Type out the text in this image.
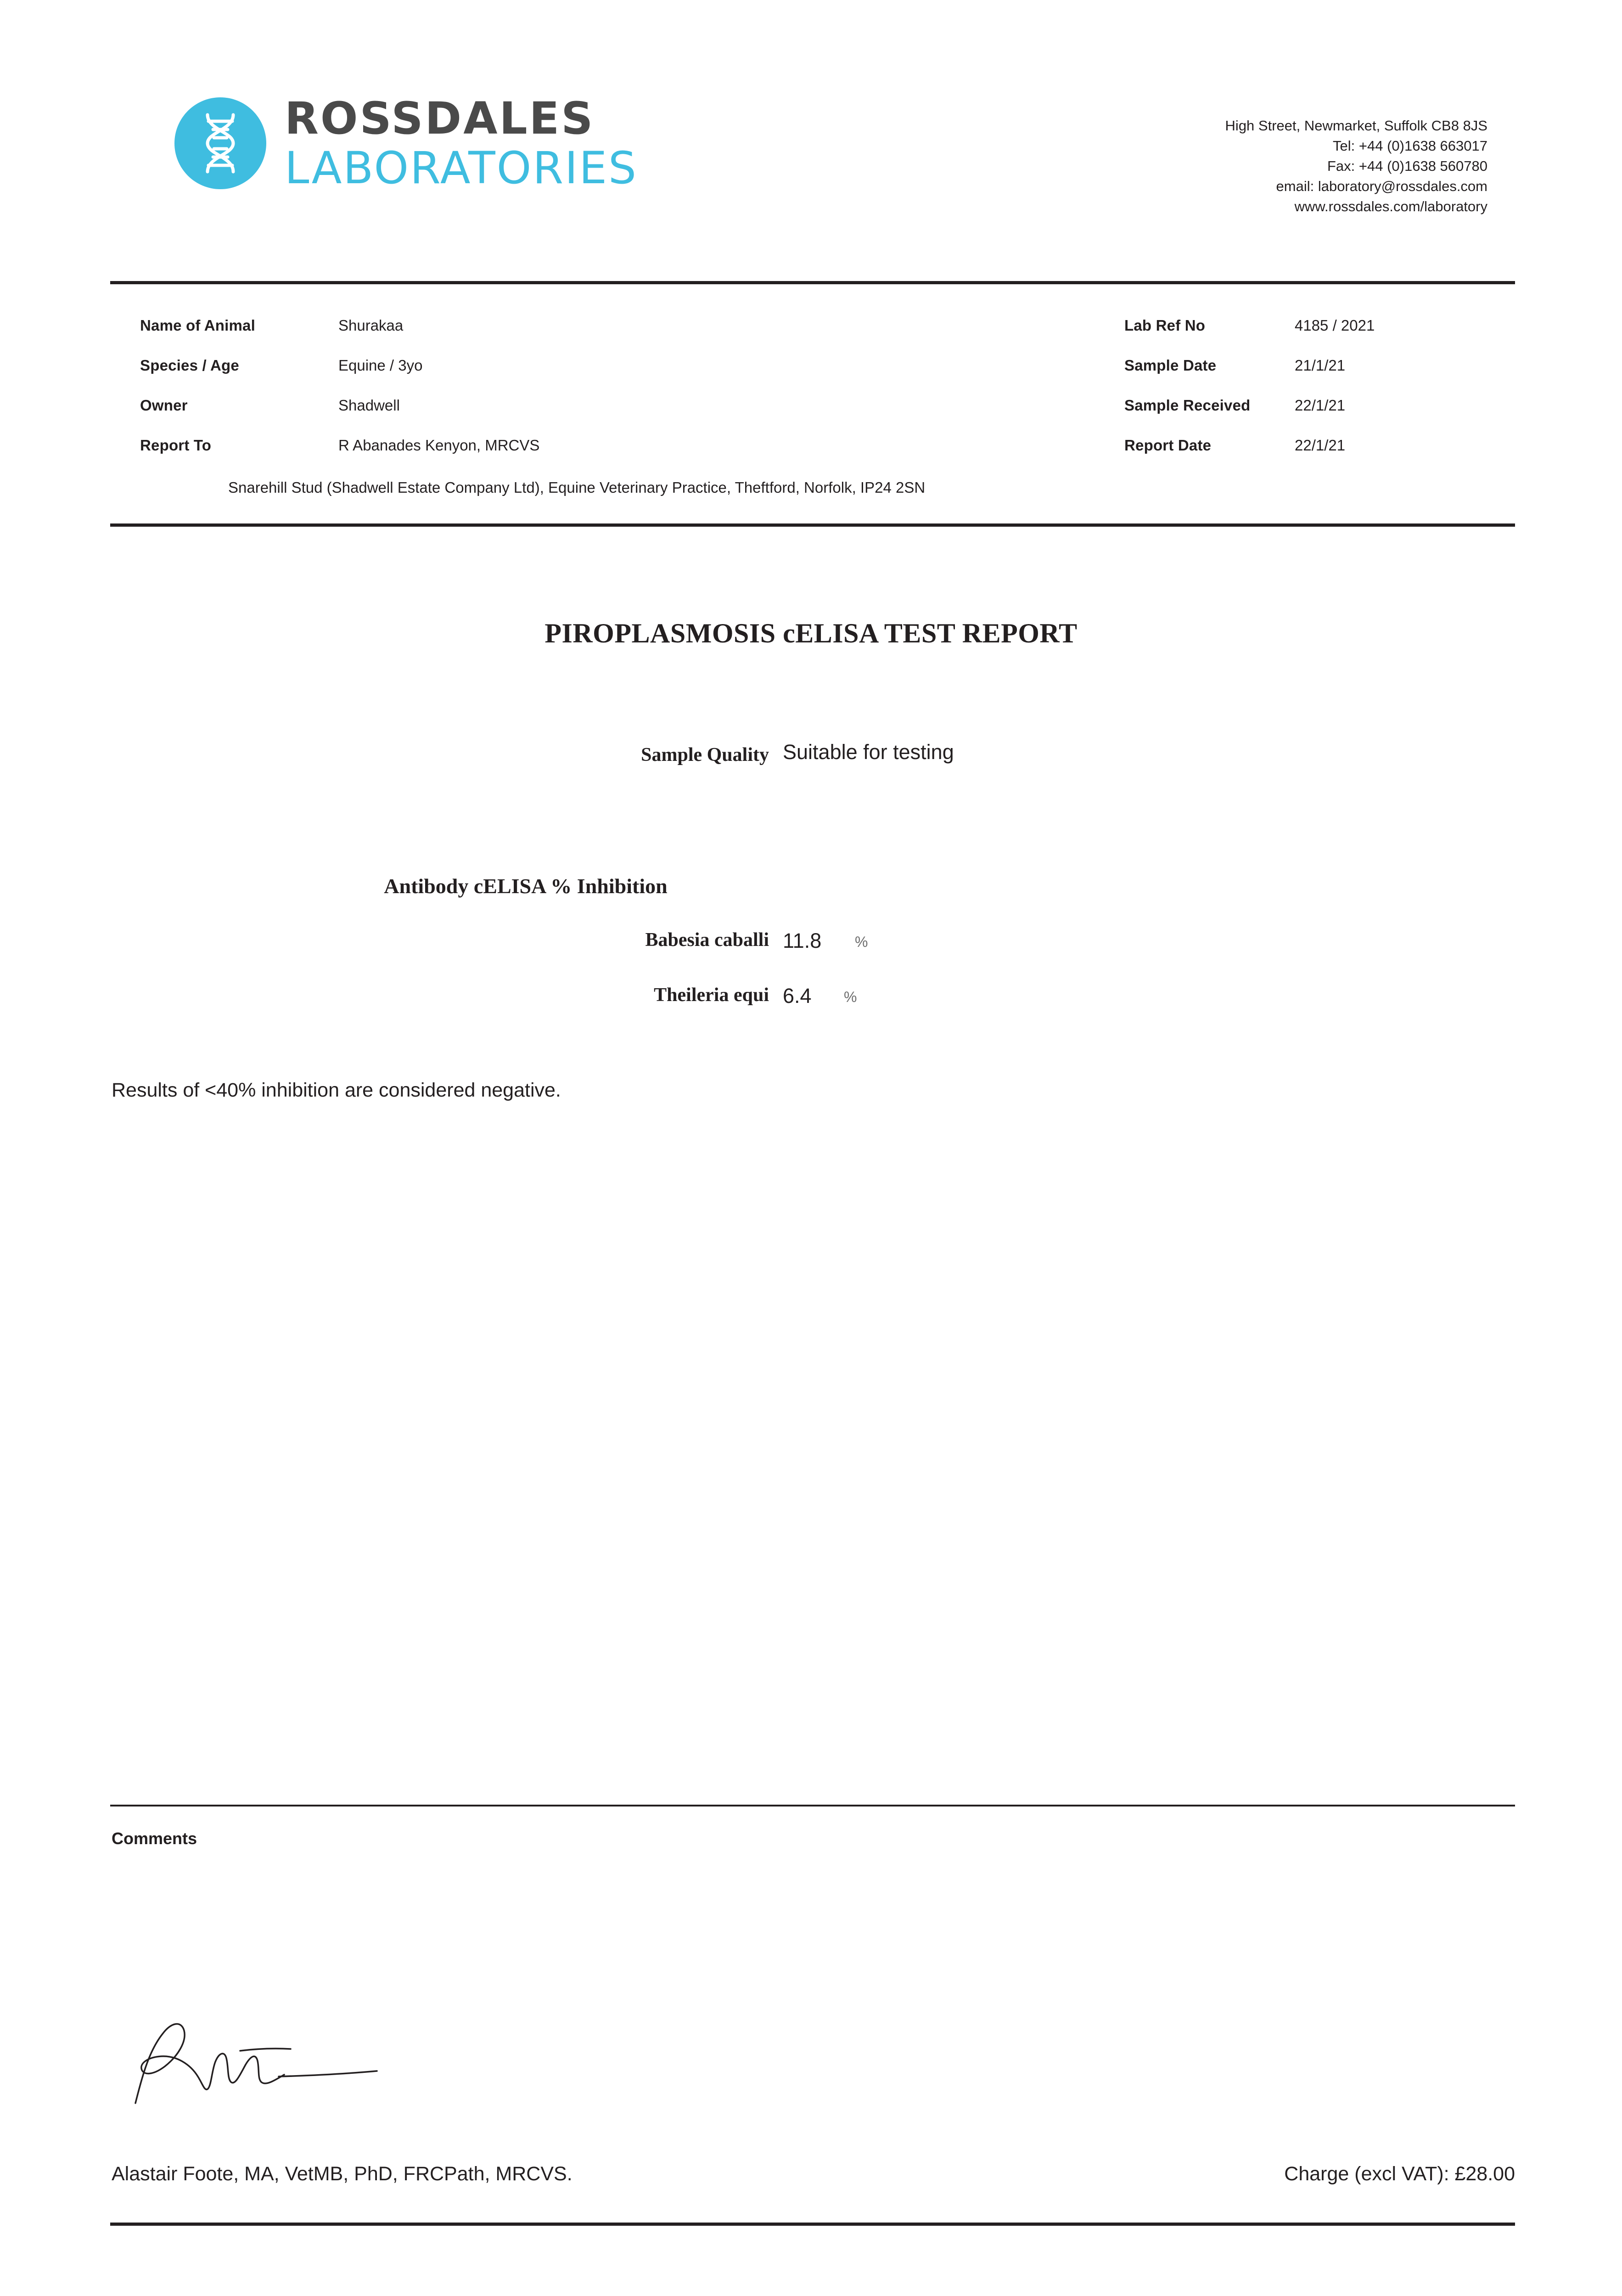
ROSSDALES
LABORATORIES
High Street, Newmarket, Suffolk CB8 8JS
Tel: +44 (0)1638 663017
Fax: +44 (0)1638 560780
email: laboratory@rossdales.com
www.rossdales.com/laboratory
Name of Animal	Shurakaa	Lab Ref No	4185 / 2021
Species / Age	Equine / 3yo	Sample Date	21/1/21
Owner	Shadwell	Sample Received	22/1/21
Report To	R Abanades Kenyon, MRCVS	Report Date	22/1/21
Snarehill Stud (Shadwell Estate Company Ltd), Equine Veterinary Practice, Theftford, Norfolk, IP24 2SN
PIROPLASMOSIS cELISA TEST REPORT
Sample Quality Suitable for testing
Antibody cELISA % Inhibition
Babesia caballi 11.8 %
Theileria equi 6.4 %
Results of <40% inhibition are considered negative.
Comments
Alastair Foote, MA, VetMB, PhD, FRCPath, MRCVS.	Charge (excl VAT): £28.00
